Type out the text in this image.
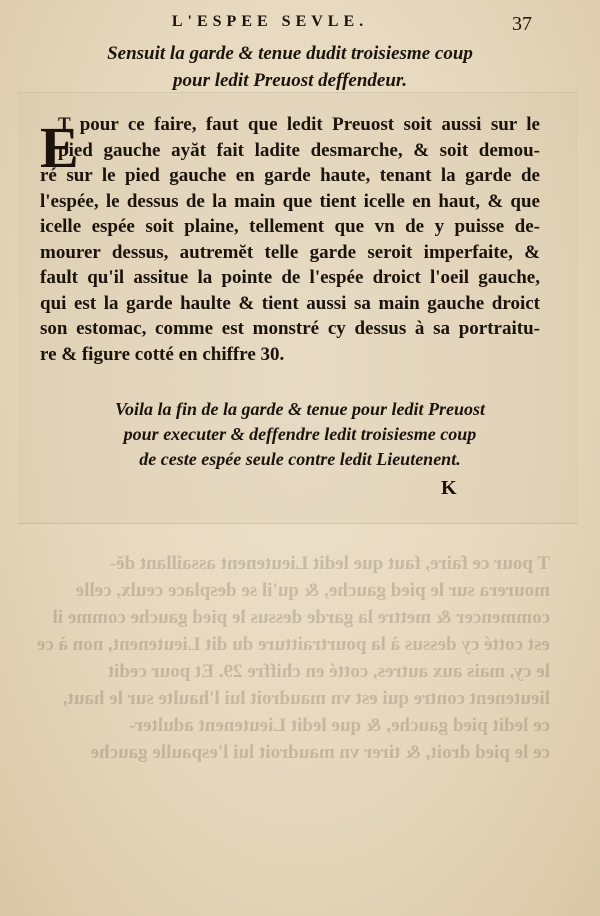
L'ESPEE SEVLE.	37
Sensuit la garde & tenue dudit troisiesme coup
pour ledit Preuost deffendeur.
E
T pour ce faire, faut que ledit Preuost soit aussi sur le
pied gauche ayăt fait ladite desmarche, & soit demou-
ré sur le pied gauche en garde haute, tenant la garde de
l'espée, le dessus de la main que tient icelle en haut, & que
icelle espée soit plaine, tellement que vn de y puisse de-
mourer dessus, autremĕt telle garde seroit imperfaite, &
fault qu'il assitue la pointe de l'espée droict l'oeil gauche,
qui est la garde haulte & tient aussi sa main gauche droict
son estomac, comme est monstré cy dessus à sa portraitu-
re & figure cotté en chiffre 30.
Voila la fin de la garde & tenue pour ledit Preuost
pour executer & deffendre ledit troisiesme coup
de ceste espée seule contre ledit Lieutenent.
K
T pour ce faire, faut que ledit Lieutenent assaillant dě-
mourera sur le pied gauche, & qu'il se desplace ceulx, celle
commencer & mettre la garde dessus le pied gauche comme il
est cotté cy dessus à la pourtraitture du dit Lieutenent, non à ce
le cy, mais aux autres, cotté en chiffre 29. Et pour cedit
lieutenent contre qui est vn maudroit lui l'haulte sur le haut,
ce ledit pied gauche, & que ledit Lieutenent adulter-
ce le pied droit, & tirer vn maudroit lui l'espaulle gauche
